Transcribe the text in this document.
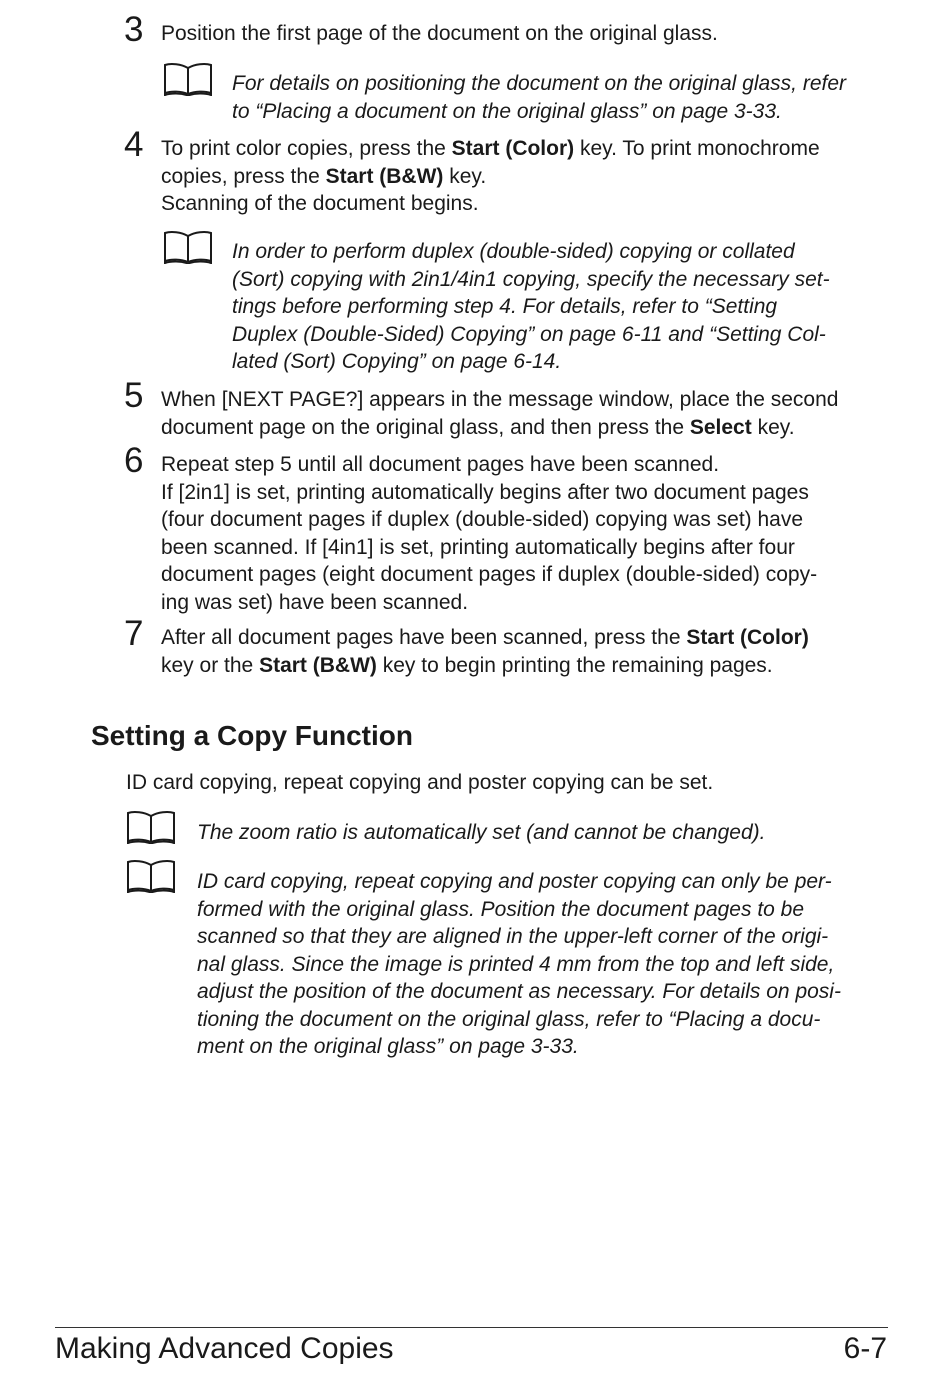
3 Position the first page of the document on the original glass.
For details on positioning the document on the original glass, refer
to “Placing a document on the original glass” on page 3-33.
4 To print color copies, press the Start (Color) key. To print monochrome
copies, press the Start (B&W) key.
Scanning of the document begins.
In order to perform duplex (double-sided) copying or collated
(Sort) copying with 2in1/4in1 copying, specify the necessary set-
tings before performing step 4. For details, refer to “Setting
Duplex (Double-Sided) Copying” on page 6-11 and “Setting Col-
lated (Sort) Copying” on page 6-14.
5 When [NEXT PAGE?] appears in the message window, place the second
document page on the original glass, and then press the Select key.
6 Repeat step 5 until all document pages have been scanned.
If [2in1] is set, printing automatically begins after two document pages
(four document pages if duplex (double-sided) copying was set) have
been scanned. If [4in1] is set, printing automatically begins after four
document pages (eight document pages if duplex (double-sided) copy-
ing was set) have been scanned.
7 After all document pages have been scanned, press the Start (Color)
key or the Start (B&W) key to begin printing the remaining pages.
Setting a Copy Function
ID card copying, repeat copying and poster copying can be set.
The zoom ratio is automatically set (and cannot be changed).
ID card copying, repeat copying and poster copying can only be per-
formed with the original glass. Position the document pages to be
scanned so that they are aligned in the upper-left corner of the origi-
nal glass. Since the image is printed 4 mm from the top and left side,
adjust the position of the document as necessary. For details on posi-
tioning the document on the original glass, refer to “Placing a docu-
ment on the original glass” on page 3-33.
Making Advanced Copies	6-7
